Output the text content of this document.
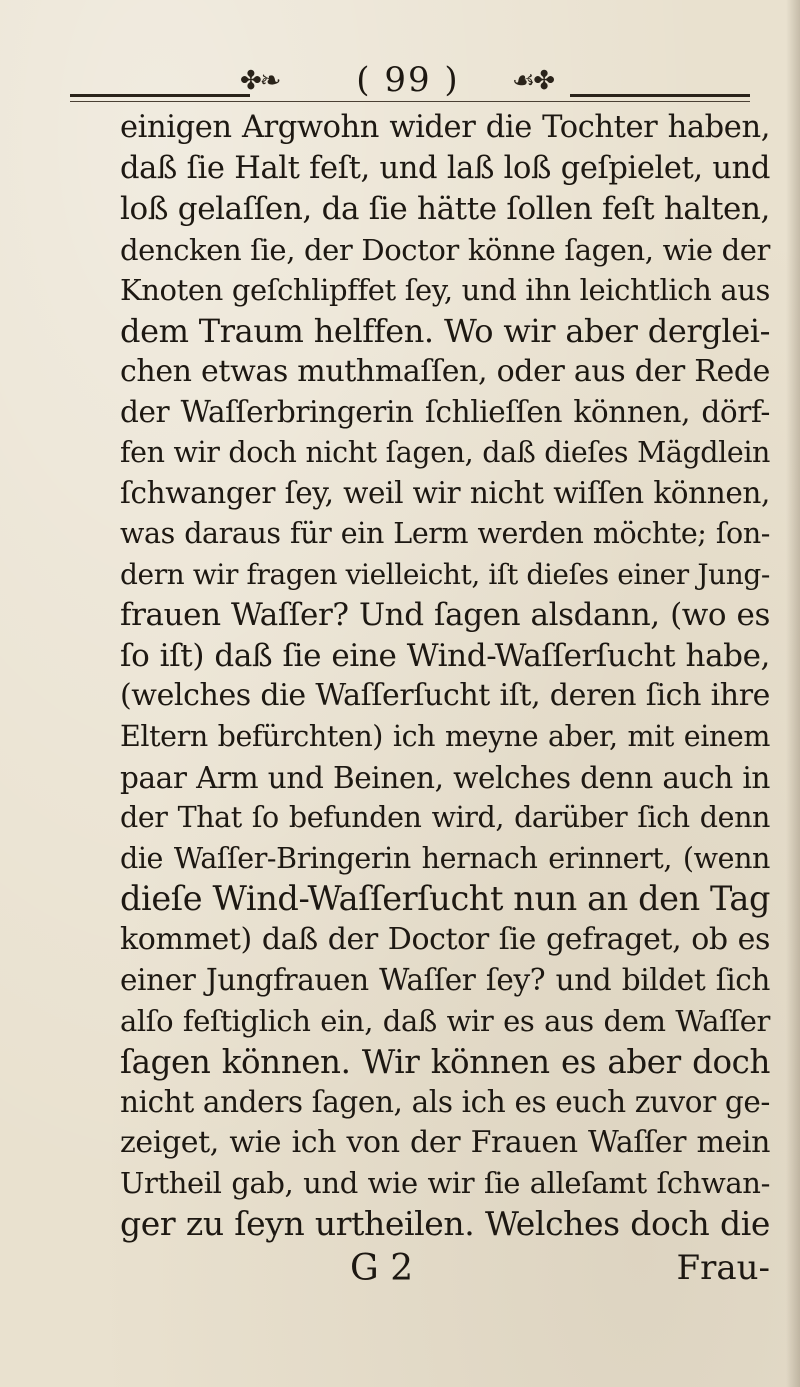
✤❧	( 99 )	☙✤
einigen Argwohn wider die Tochter haben,
daß ſie Halt feſt, und laß loß geſpielet, und
loß gelaſſen, da ſie hätte ſollen feſt halten,
dencken ſie, der Doctor könne ſagen, wie der
Knoten geſchlipffet ſey, und ihn leichtlich aus
dem Traum helffen. Wo wir aber derglei-
chen etwas muthmaſſen, oder aus der Rede
der Waſſerbringerin ſchlieſſen können, dörf-
fen wir doch nicht ſagen, daß dieſes Mägdlein
ſchwanger ſey, weil wir nicht wiſſen können,
was daraus für ein Lerm werden möchte; ſon-
dern wir fragen vielleicht, iſt dieſes einer Jung-
frauen Waſſer? Und ſagen alsdann, (wo es
ſo iſt) daß ſie eine Wind-Waſſerſucht habe,
(welches die Waſſerſucht iſt, deren ſich ihre
Eltern befürchten) ich meyne aber, mit einem
paar Arm und Beinen, welches denn auch in
der That ſo befunden wird, darüber ſich denn
die Waſſer-Bringerin hernach erinnert, (wenn
dieſe Wind-Waſſerſucht nun an den Tag
kommet) daß der Doctor ſie gefraget, ob es
einer Jungfrauen Waſſer ſey? und bildet ſich
alſo feſtiglich ein, daß wir es aus dem Waſſer
ſagen können. Wir können es aber doch
nicht anders ſagen, als ich es euch zuvor ge-
zeiget, wie ich von der Frauen Waſſer mein
Urtheil gab, und wie wir ſie alleſamt ſchwan-
ger zu ſeyn urtheilen. Welches doch die
G 2	Frau-
